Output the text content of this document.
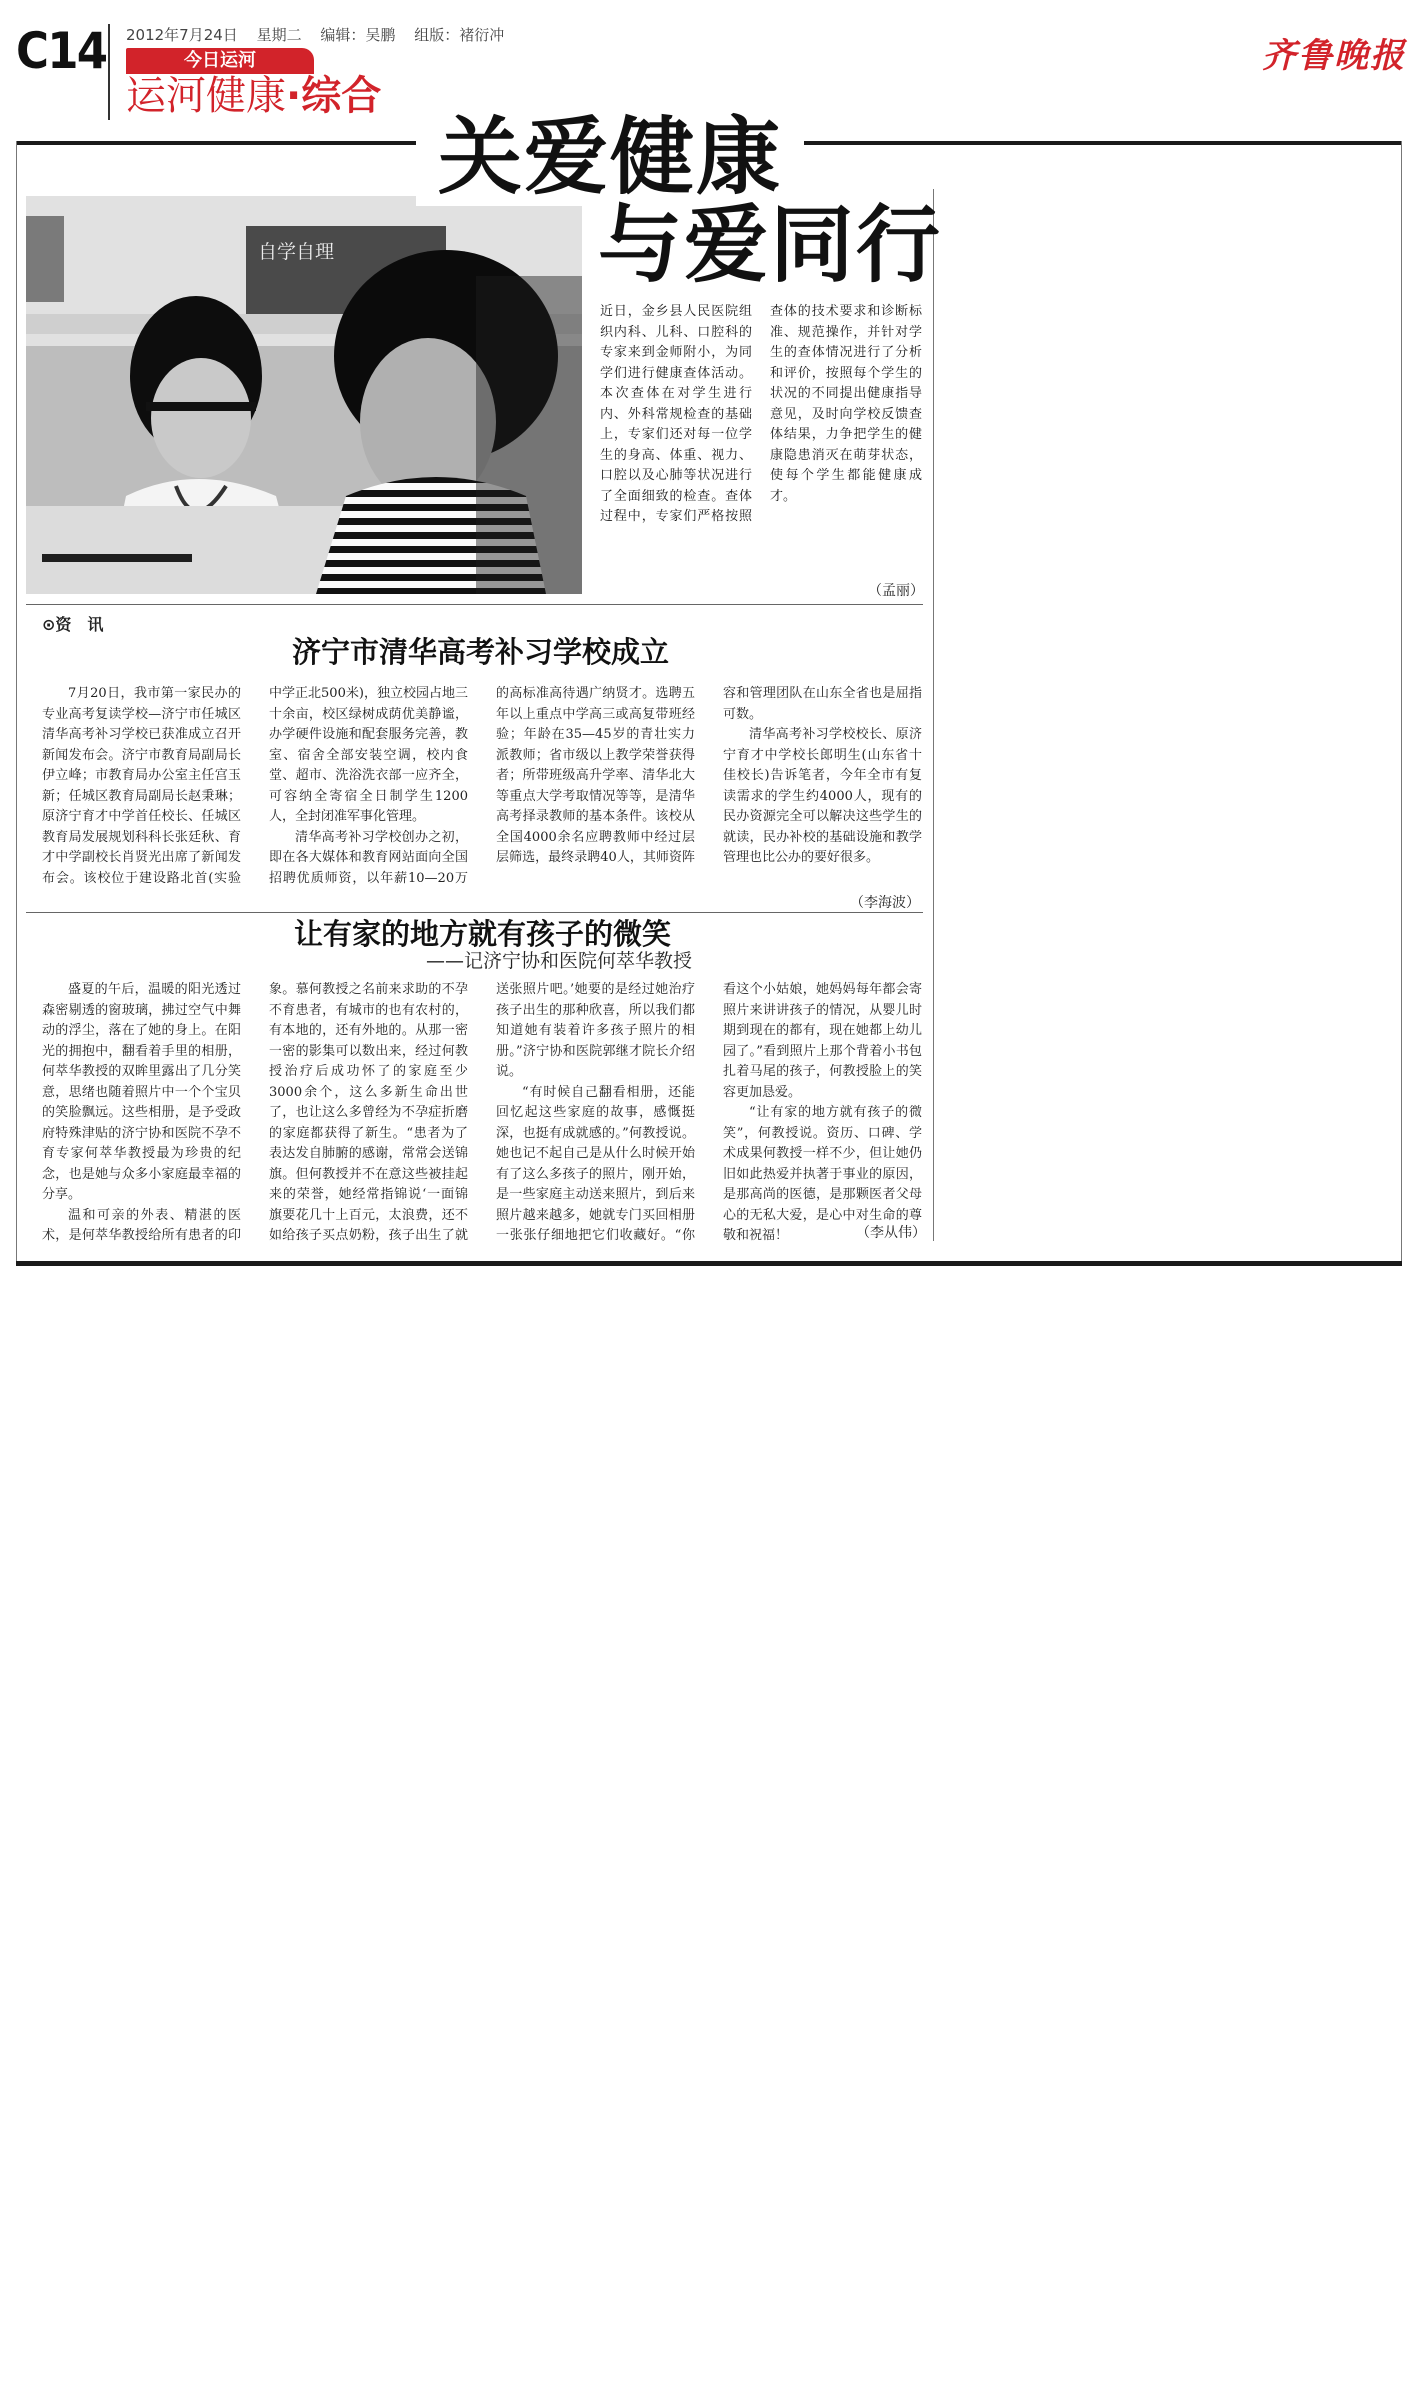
C14 2012年7月24日 星期二 编辑：吴鹏 组版：褚衍冲
今日运河
运河健康·综合
齐鲁晚报
自学自理
关爱健康
与爱同行
近日，金乡县人民医院组织内科、儿科、口腔科的专家来到金师附小，为同学们进行健康查体活动。本次查体在对学生进行内、外科常规检查的基础上，专家们还对每一位学生的身高、体重、视力、口腔以及心肺等状况进行了全面细致的检查。查体过程中，专家们严格按照查体的技术要求和诊断标准、规范操作，并针对学生的查体情况进行了分析和评价，按照每个学生的状况的不同提出健康指导意见，及时向学校反馈查体结果，力争把学生的健康隐患消灭在萌芽状态，使每个学生都能健康成才。
（孟丽）
⊙资　讯
济宁市清华高考补习学校成立

7月20日，我市第一家民办的专业高考复读学校—济宁市任城区清华高考补习学校已获准成立召开新闻发布会。济宁市教育局副局长伊立峰；市教育局办公室主任宫玉新；任城区教育局副局长赵秉琳；原济宁育才中学首任校长、任城区教育局发展规划科科长张廷秋、育才中学副校长肖贤光出席了新闻发布会。该校位于建设路北首(实验中学正北500米)，独立校园占地三十余亩，校区绿树成荫优美静谧，办学硬件设施和配套服务完善，教室、宿舍全部安装空调，校内食堂、超市、洗浴洗衣部一应齐全，可容纳全寄宿全日制学生1200人，全封闭准军事化管理。

清华高考补习学校创办之初，即在各大媒体和教育网站面向全国招聘优质师资，以年薪10—20万的高标准高待遇广纳贤才。选聘五年以上重点中学高三或高复带班经验；年龄在35—45岁的青壮实力派教师；省市级以上教学荣誉获得者；所带班级高升学率、清华北大等重点大学考取情况等等，是清华高考择录教师的基本条件。该校从全国4000余名应聘教师中经过层层筛选，最终录聘40人，其师资阵容和管理团队在山东全省也是屈指可数。

清华高考补习学校校长、原济宁育才中学校长郎明生(山东省十佳校长)告诉笔者，今年全市有复读需求的学生约4000人，现有的民办资源完全可以解决这些学生的就读，民办补校的基础设施和教学管理也比公办的要好很多。

（李海波）
让有家的地方就有孩子的微笑
——记济宁协和医院何萃华教授

盛夏的午后，温暖的阳光透过森密剔透的窗玻璃，拂过空气中舞动的浮尘，落在了她的身上。在阳光的拥抱中，翻看着手里的相册，何萃华教授的双眸里露出了几分笑意，思绪也随着照片中一个个宝贝的笑脸飘远。这些相册，是予受政府特殊津贴的济宁协和医院不孕不育专家何萃华教授最为珍贵的纪念，也是她与众多小家庭最幸福的分享。

温和可亲的外表、精湛的医术，是何萃华教授给所有患者的印象。慕何教授之名前来求助的不孕不育患者，有城市的也有农村的，有本地的，还有外地的。从那一密一密的影集可以数出来，经过何教授治疗后成功怀了的家庭至少3000余个，这么多新生命出世了，也让这么多曾经为不孕症折磨的家庭都获得了新生。“患者为了表达发自肺腑的感谢，常常会送锦旗。但何教授并不在意这些被挂起来的荣誉，她经常指锦说‘一面锦旗要花几十上百元，太浪费，还不如给孩子买点奶粉，孩子出生了就送张照片吧。’她要的是经过她治疗孩子出生的那种欣喜，所以我们都知道她有装着许多孩子照片的相册。”济宁协和医院郭继才院长介绍说。

“有时候自己翻看相册，还能回忆起这些家庭的故事，感慨挺深，也挺有成就感的。”何教授说。她也记不起自己是从什么时候开始有了这么多孩子的照片，刚开始，是一些家庭主动送来照片，到后来照片越来越多，她就专门买回相册一张张仔细地把它们收藏好。“你看这个小姑娘，她妈妈每年都会寄照片来讲讲孩子的情况，从婴儿时期到现在的都有，现在她都上幼儿园了。”看到照片上那个背着小书包扎着马尾的孩子，何教授脸上的笑容更加恳爱。

“让有家的地方就有孩子的微笑”，何教授说。资历、口碑、学术成果何教授一样不少，但让她仍旧如此热爱并执著于事业的原因，是那高尚的医德，是那颗医者父母心的无私大爱，是心中对生命的尊敬和祝福！	（李从伟）
